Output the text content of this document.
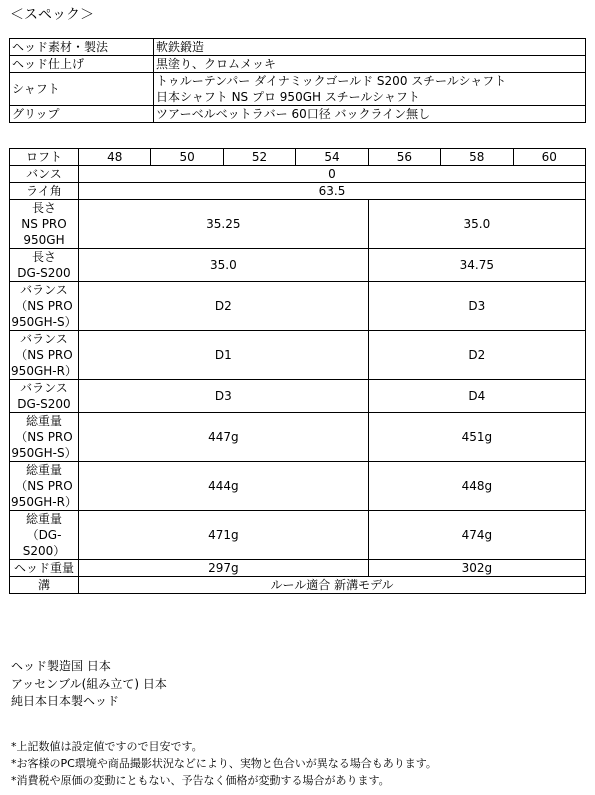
＜スペック＞
ヘッド素材・製法	軟鉄鍛造
ヘッド仕上げ	黒塗り、クロムメッキ
シャフト	トゥルーテンパー ダイナミックゴールド S200 スチールシャフト
日本シャフト NS プロ 950GH スチールシャフト
グリップ	ツアーベルベットラバー 60口径 バックライン無し
ロフト	48	50	52	54	56	58	60
バンス	0						
ライ角	63.5						
長さ
NS PRO
950GH	35.25				35.0		
長さ
DG-S200	35.0				34.75		
バランス
（NS PRO
950GH-S）	D2				D3		
バランス
（NS PRO
950GH-R）	D1				D2		
バランス
DG-S200	D3				D4		
総重量
（NS PRO
950GH-S）	447g				451g		
総重量
（NS PRO
950GH-R）	444g				448g		
総重量
（DG-
S200）	471g				474g		
ヘッド重量	297g				302g		
溝	ルール適合 新溝モデル						
ヘッド製造国 日本
アッセンブル(組み立て) 日本
純日本日本製ヘッド
*上記数値は設定値ですので目安です。
*お客様のPC環境や商品撮影状況などにより、実物と色合いが異なる場合もあります。
*消費税や原価の変動にともない、予告なく価格が変動する場合があります。
